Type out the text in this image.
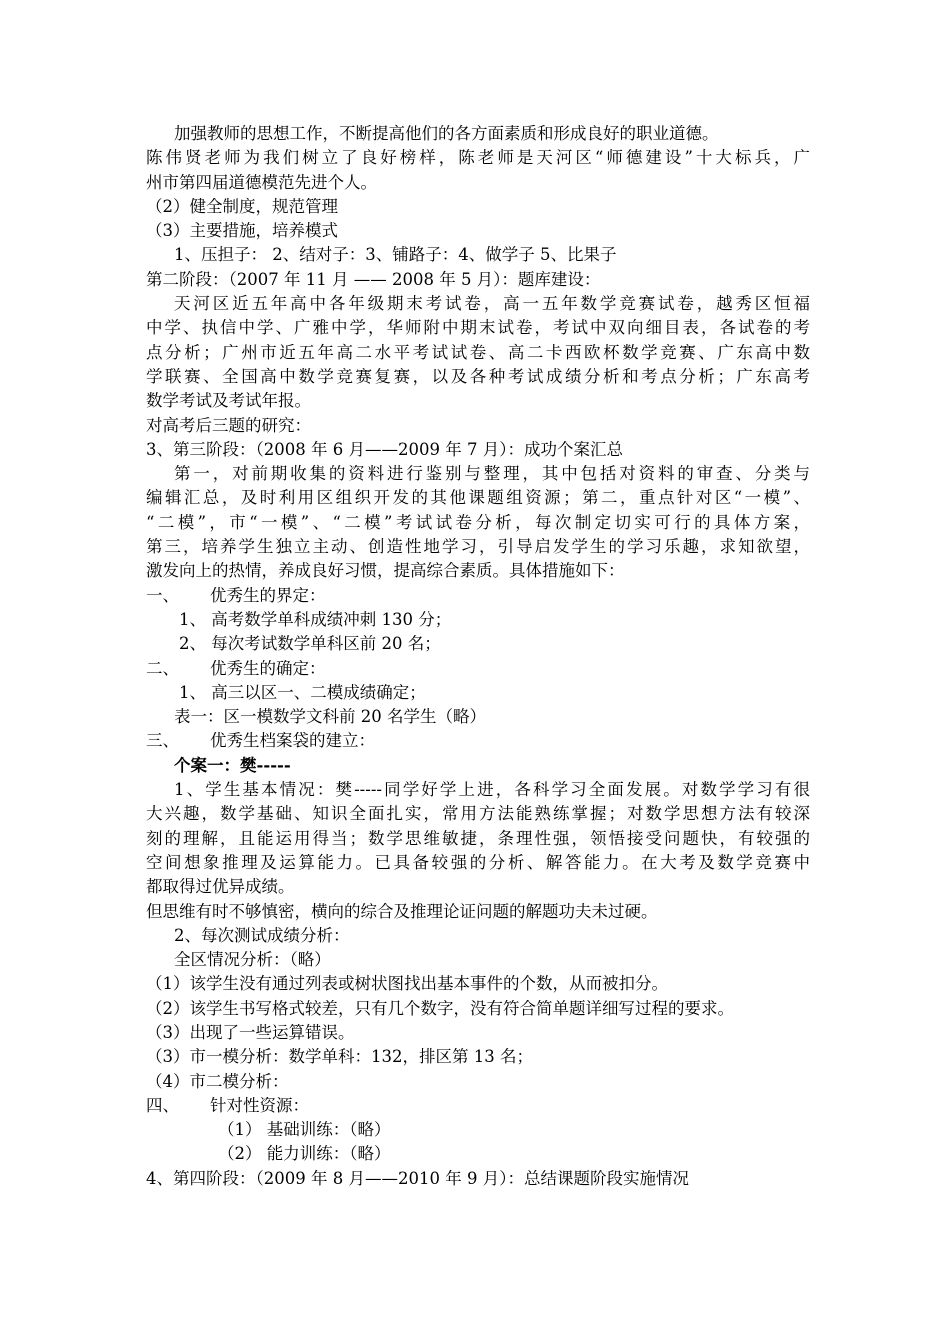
加强教师的思想工作，不断提高他们的各方面素质和形成良好的职业道德。
陈伟贤老师为我们树立了良好榜样，陈老师是天河区“师德建设”十大标兵，广
州市第四届道德模范先进个人。
（2）健全制度，规范管理
（3）主要措施，培养模式
1、压担子： 2、结对子：3、铺路子：4、做学子 5、比果子
第二阶段：（2007 年 11 月 —— 2008 年 5 月）：题库建设：
天河区近五年高中各年级期末考试卷，高一五年数学竞赛试卷，越秀区恒福
中学、执信中学、广雅中学，华师附中期末试卷，考试中双向细目表，各试卷的考
点分析；广州市近五年高二水平考试试卷、高二卡西欧杯数学竞赛、广东高中数
学联赛、全国高中数学竞赛复赛，以及各种考试成绩分析和考点分析；广东高考
数学考试及考试年报。
对高考后三题的研究：
3、第三阶段：（2008 年 6 月——2009 年 7 月）：成功个案汇总
第一，对前期收集的资料进行鉴别与整理，其中包括对资料的审查、分类与
编辑汇总，及时利用区组织开发的其他课题组资源；第二，重点针对区“一模”、
“二模”，市“一模”、“二模”考试试卷分析，每次制定切实可行的具体方案，
第三，培养学生独立主动、创造性地学习，引导启发学生的学习乐趣，求知欲望，
激发向上的热情，养成良好习惯，提高综合素质。具体措施如下：
一、 优秀生的界定：
1、 高考数学单科成绩冲刺 130 分；
2、 每次考试数学单科区前 20 名；
二、 优秀生的确定：
1、 高三以区一、二模成绩确定；
表一：区一模数学文科前 20 名学生（略）
三、 优秀生档案袋的建立：
个案一：樊-----
1、学生基本情况：樊-----同学好学上进，各科学习全面发展。对数学学习有很
大兴趣，数学基础、知识全面扎实，常用方法能熟练掌握；对数学思想方法有较深
刻的理解，且能运用得当；数学思维敏捷，条理性强，领悟接受问题快，有较强的
空间想象推理及运算能力。已具备较强的分析、解答能力。在大考及数学竞赛中
都取得过优异成绩。
但思维有时不够慎密，横向的综合及推理论证问题的解题功夫未过硬。
2、每次测试成绩分析：
全区情况分析：（略）
（1）该学生没有通过列表或树状图找出基本事件的个数，从而被扣分。
（2）该学生书写格式较差，只有几个数字，没有符合简单题详细写过程的要求。
（3）出现了一些运算错误。
（3）市一模分析：数学单科：132，排区第 13 名；
（4）市二模分析：
四、 针对性资源：
（1） 基础训练：（略）
（2） 能力训练：（略）
4、第四阶段：（2009 年 8 月——2010 年 9 月）：总结课题阶段实施情况
